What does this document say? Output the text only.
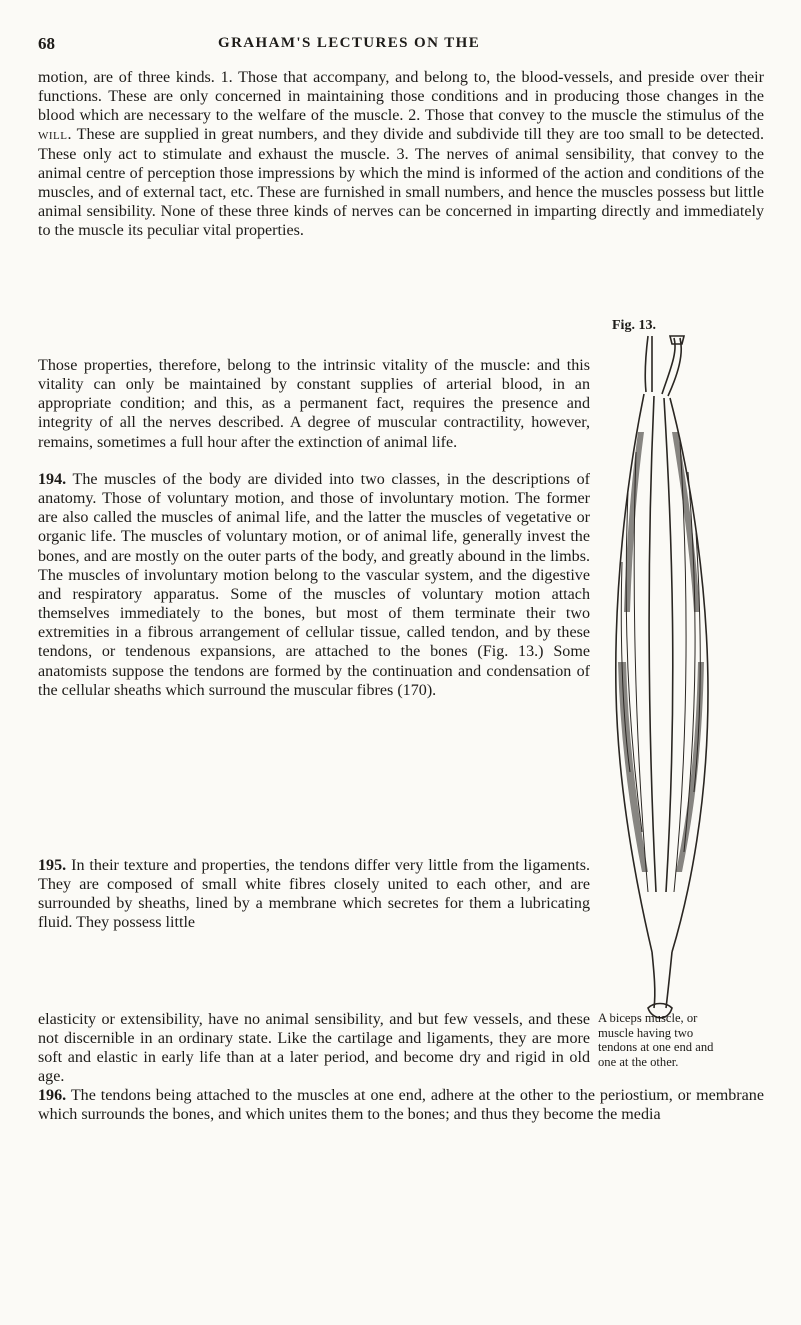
68	GRAHAM'S LECTURES ON THE

motion, are of three kinds. 1. Those that accompany, and belong to, the blood-vessels, and preside over their functions. These are only concerned in maintaining those conditions and in producing those changes in the blood which are necessary to the welfare of the muscle. 2. Those that convey to the muscle the stimulus of the will. These are supplied in great numbers, and they divide and subdivide till they are too small to be detected. These only act to stimulate and exhaust the muscle. 3. The nerves of animal sensibility, that convey to the animal centre of perception those impressions by which the mind is informed of the action and conditions of the muscles, and of external tact, etc. These are furnished in small numbers, and hence the muscles possess but little animal sensibility. None of these three kinds of nerves can be concerned in imparting directly and immediately to the muscle its peculiar vital properties.

Those properties, therefore, belong to the intrinsic vitality of the muscle: and this vitality can only be maintained by constant supplies of arterial blood, in an appropriate condition; and this, as a permanent fact, requires the presence and integrity of all the nerves described. A degree of muscular contractility, however, remains, sometimes a full hour after the extinction of animal life.

194. The muscles of the body are divided into two classes, in the descriptions of anatomy. Those of voluntary motion, and those of involuntary motion. The former are also called the muscles of animal life, and the latter the muscles of vegetative or organic life. The muscles of voluntary motion, or of animal life, generally invest the bones, and are mostly on the outer parts of the body, and greatly abound in the limbs. The muscles of involuntary motion belong to the vascular system, and the digestive and respiratory apparatus. Some of the muscles of voluntary motion attach themselves immediately to the bones, but most of them terminate their two extremities in a fibrous arrangement of cellular tissue, called tendon, and by these tendons, or tendenous expansions, are attached to the bones (Fig. 13.) Some anatomists suppose the tendons are formed by the continuation and condensation of the cellular sheaths which surround the muscular fibres (170).

195. In their texture and properties, the tendons differ very little from the ligaments. They are composed of small white fibres closely united to each other, and are surrounded by sheaths, lined by a membrane which secretes for them a lubricating fluid. They possess little

elasticity or extensibility, have no animal sensibility, and but few vessels, and these not discernible in an ordinary state. Like the cartilage and ligaments, they are more soft and elastic in early life than at a later period, and become dry and rigid in old age.

196. The tendons being attached to the muscles at one end, adhere at the other to the periostium, or membrane which surrounds the bones, and which unites them to the bones; and thus they become the media

Fig. 13.
A biceps muscle, or muscle having two tendons at one end and one at the other.
